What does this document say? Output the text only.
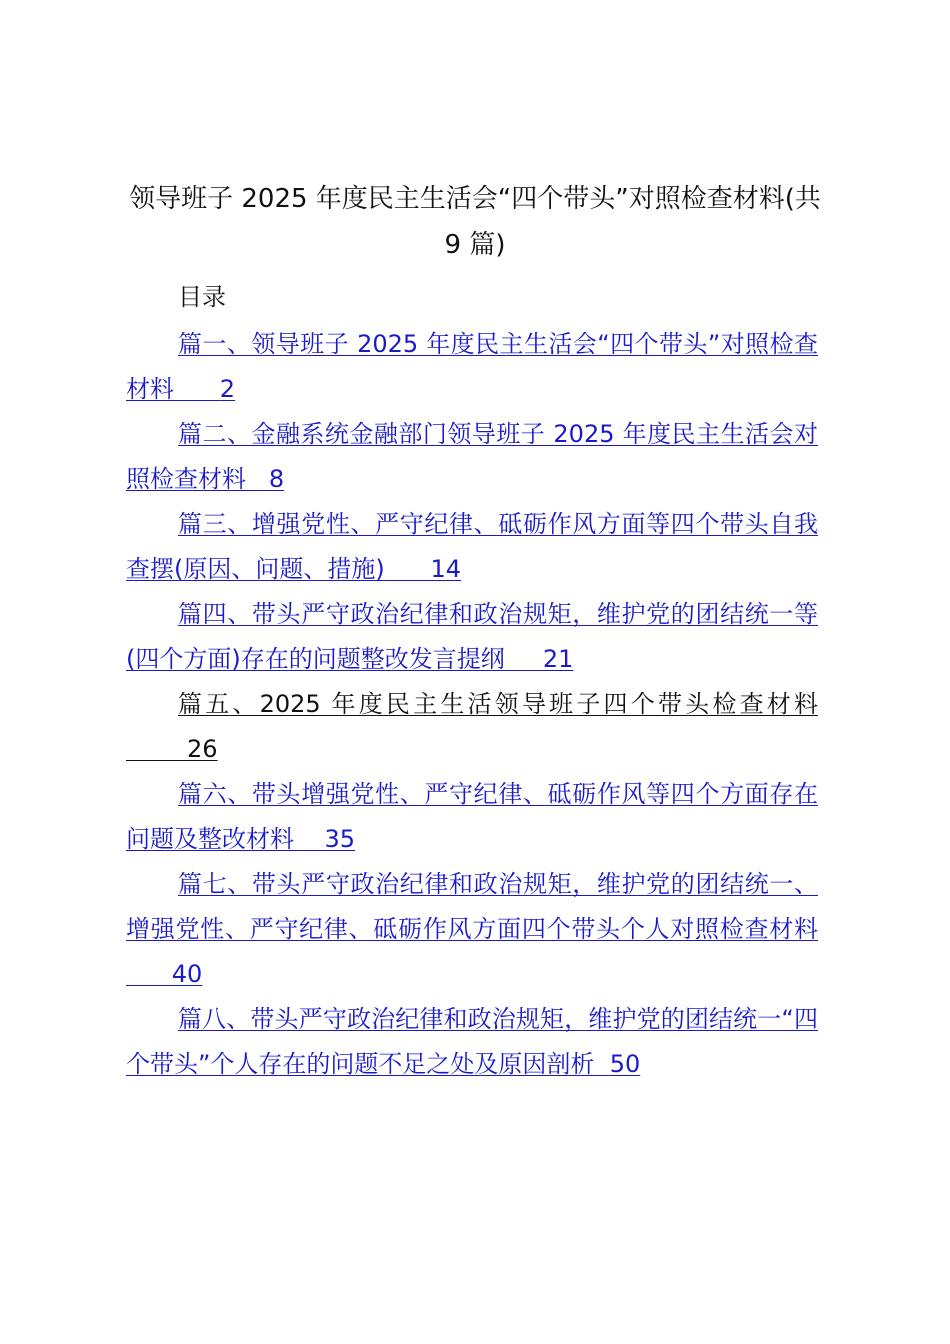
领导班子 2025 年度民主生活会“四个带头”对照检查材料(共 9 篇)
目录
篇一、领导班子 2025 年度民主生活会“四个带头”对照检查材料 2
篇二、金融系统金融部门领导班子 2025 年度民主生活会对照检查材料 8
篇三、增强党性、严守纪律、砥砺作风方面等四个带头自我查摆(原因、问题、措施) 14
篇四、带头严守政治纪律和政治规矩，维护党的团结统一等(四个方面)存在的问题整改发言提纲 21
篇五、2025 年度民主生活领导班子四个带头检查材料        26
篇六、带头增强党性、严守纪律、砥砺作风等四个方面存在问题及整改材料 35
篇七、带头严守政治纪律和政治规矩，维护党的团结统一、增强党性、严守纪律、砥砺作风方面四个带头个人对照检查材料      40
篇八、带头严守政治纪律和政治规矩，维护党的团结统一“四个带头”个人存在的问题不足之处及原因剖析 50
